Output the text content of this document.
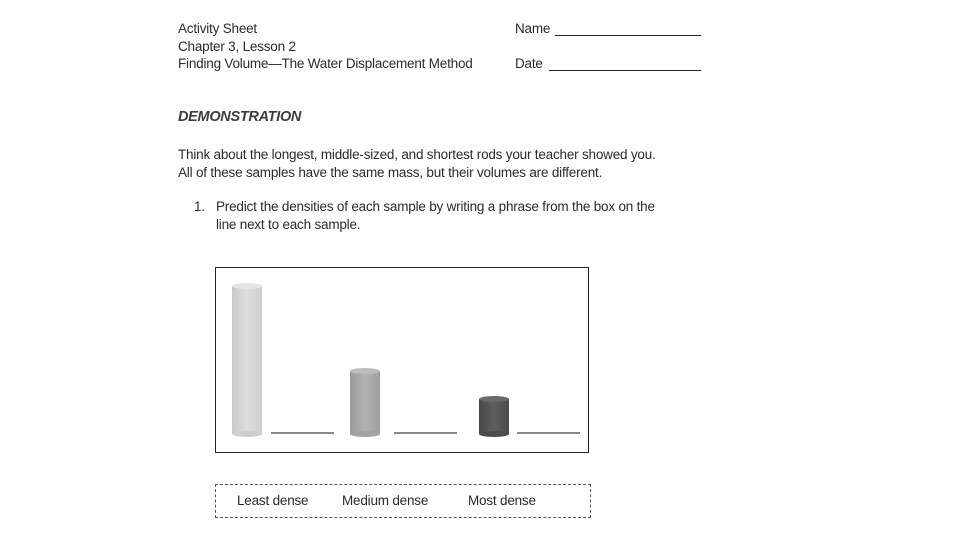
Activity Sheet
Chapter 3, Lesson 2
Finding Volume—The Water Displacement Method
Name
Date
DEMONSTRATION
Think about the longest, middle-sized, and shortest rods your teacher showed you.
All of these samples have the same mass, but their volumes are different.
1. Predict the densities of each sample by writing a phrase from the box on the
line next to each sample.
Least dense Medium dense	Most dense
